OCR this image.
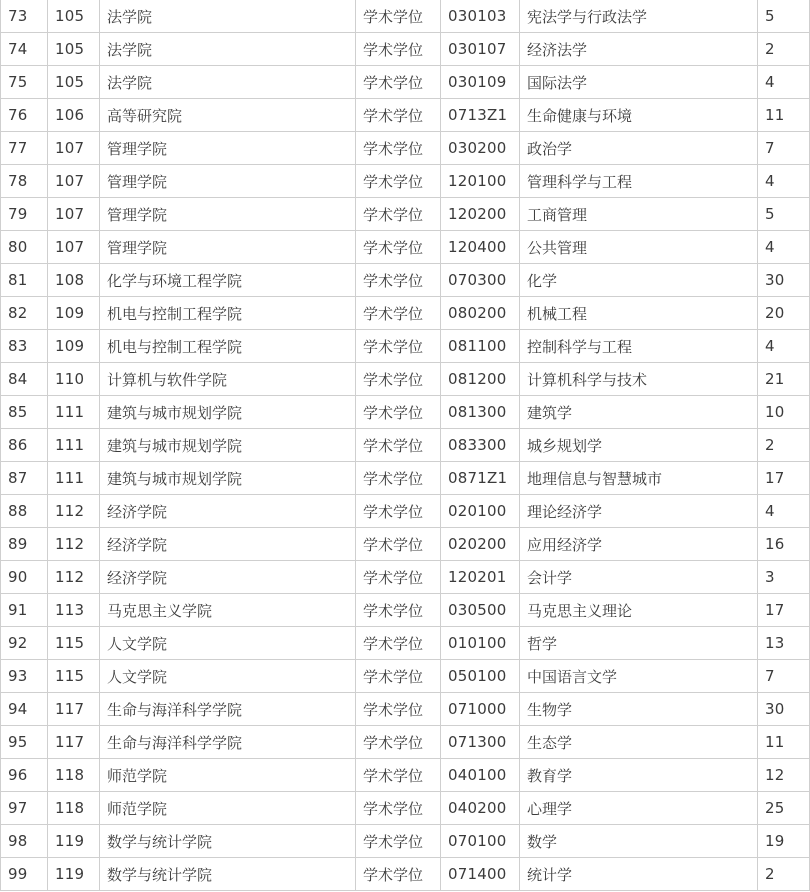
73	105	法学院	学术学位	030103	宪法学与行政法学	5
74	105	法学院	学术学位	030107	经济法学	2
75	105	法学院	学术学位	030109	国际法学	4
76	106	高等研究院	学术学位	0713Z1	生命健康与环境	11
77	107	管理学院	学术学位	030200	政治学	7
78	107	管理学院	学术学位	120100	管理科学与工程	4
79	107	管理学院	学术学位	120200	工商管理	5
80	107	管理学院	学术学位	120400	公共管理	4
81	108	化学与环境工程学院	学术学位	070300	化学	30
82	109	机电与控制工程学院	学术学位	080200	机械工程	20
83	109	机电与控制工程学院	学术学位	081100	控制科学与工程	4
84	110	计算机与软件学院	学术学位	081200	计算机科学与技术	21
85	111	建筑与城市规划学院	学术学位	081300	建筑学	10
86	111	建筑与城市规划学院	学术学位	083300	城乡规划学	2
87	111	建筑与城市规划学院	学术学位	0871Z1	地理信息与智慧城市	17
88	112	经济学院	学术学位	020100	理论经济学	4
89	112	经济学院	学术学位	020200	应用经济学	16
90	112	经济学院	学术学位	120201	会计学	3
91	113	马克思主义学院	学术学位	030500	马克思主义理论	17
92	115	人文学院	学术学位	010100	哲学	13
93	115	人文学院	学术学位	050100	中国语言文学	7
94	117	生命与海洋科学学院	学术学位	071000	生物学	30
95	117	生命与海洋科学学院	学术学位	071300	生态学	11
96	118	师范学院	学术学位	040100	教育学	12
97	118	师范学院	学术学位	040200	心理学	25
98	119	数学与统计学院	学术学位	070100	数学	19
99	119	数学与统计学院	学术学位	071400	统计学	2
